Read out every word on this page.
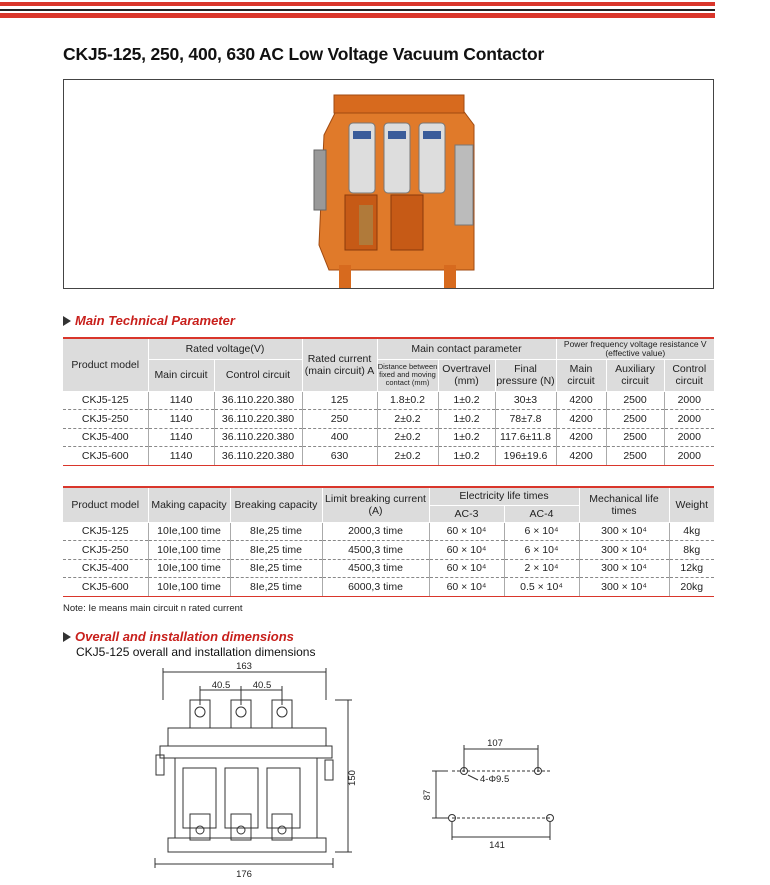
CKJ5-125, 250, 400, 630 AC Low Voltage Vacuum Contactor
Main Technical Parameter
Product model	Rated voltage(V)		Rated current (main circuit) A	Main contact parameter			Power frequency voltage resistance V (effective value)		
	Main circuit	Control circuit		Distance between fixed and moving contact (mm)	Overtravel (mm)	Final pressure (N)	Main circuit	Auxiliary circuit	Control circuit
CKJ5-125	1140	36.110.220.380	125	1.8±0.2	1±0.2	30±3	4200	2500	2000
CKJ5-250	1140	36.110.220.380	250	2±0.2	1±0.2	78±7.8	4200	2500	2000
CKJ5-400	1140	36.110.220.380	400	2±0.2	1±0.2	117.6±11.8	4200	2500	2000
CKJ5-600	1140	36.110.220.380	630	2±0.2	1±0.2	196±19.6	4200	2500	2000
Product model	Making capacity	Breaking capacity	Limit breaking current (A)	Electricity life times		Mechanical life times	Weight
				AC-3	AC-4		
CKJ5-125	10Ie,100 time	8Ie,25 time	2000,3 time	60 × 10⁴	6 × 10⁴	300 × 10⁴	4kg
CKJ5-250	10Ie,100 time	8Ie,25 time	4500,3 time	60 × 10⁴	6 × 10⁴	300 × 10⁴	8kg
CKJ5-400	10Ie,100 time	8Ie,25 time	4500,3 time	60 × 10⁴	2 × 10⁴	300 × 10⁴	12kg
CKJ5-600	10Ie,100 time	8Ie,25 time	6000,3 time	60 × 10⁴	0.5 × 10⁴	300 × 10⁴	20kg
Note: Ie means main circuit n rated current
Overall and installation dimensions
CKJ5-125 overall and installation dimensions
163
40.5 40.5
150
176
107
4-Φ9.5
87
141
